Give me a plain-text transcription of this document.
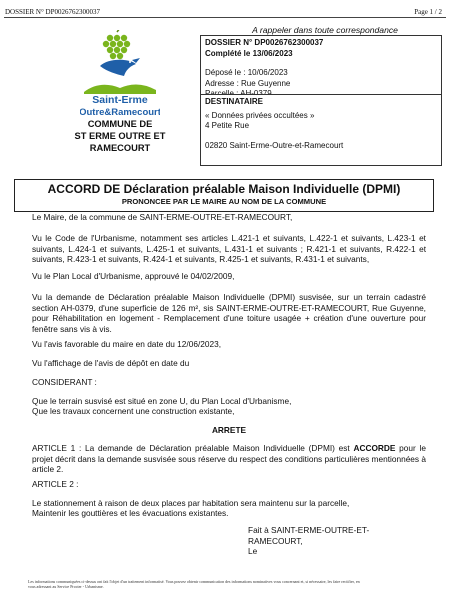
DOSSIER N° DP0026762300037	Page 1 / 2
Saint-Erme
Outre&Ramecourt
COMMUNE DE
ST ERME OUTRE ET
RAMECOURT
A rappeler dans toute correspondance
DOSSIER N° DP0026762300037
Complété le 13/06/2023
Déposé le : 10/06/2023
Adresse : Rue Guyenne
DESTINATAIRE
« Données privées occultées »
4 Petite Rue
02820 Saint-Erme-Outre-et-Ramecourt
ACCORD DE Déclaration préalable Maison Individuelle (DPMI)
PRONONCEE PAR LE MAIRE AU NOM DE LA COMMUNE
Le Maire, de la commune de SAINT-ERME-OUTRE-ET-RAMECOURT,
Vu le Code de l'Urbanisme, notamment ses articles L.421-1 et suivants, L.422-1 et suivants, L.423-1 et suivants, L.424-1 et suivants, L.425-1 et suivants, L.431-1 et suivants ; R.421-1 et suivants, R.422-1 et suivants, R.423-1 et suivants, R.424-1 et suivants, R.425-1 et suivants, R.431-1 et suivants,
Vu le Plan Local d'Urbanisme, approuvé le 04/02/2009,
Vu la demande de Déclaration préalable Maison Individuelle (DPMI) susvisée, sur un terrain cadastré section AH-0379, d'une superficie de 126 m², sis SAINT-ERME-OUTRE-ET-RAMECOURT, Rue Guyenne, pour Réhabilitation en logement - Remplacement d'une toiture usagée + création d'une ouverture pour fenêtre sans vis à vis.
Vu l'avis favorable du maire en date du 12/06/2023,
Vu l'affichage de l'avis de dépôt en date du
CONSIDERANT :
Que le terrain susvisé est situé en zone U, du Plan Local d'Urbanisme,
Que les travaux concernent une construction existante,
ARRETE
ARTICLE 1 : La demande de Déclaration préalable Maison Individuelle (DPMI) est ACCORDE pour le projet décrit dans la demande susvisée sous réserve du respect des conditions particulières mentionnées à article 2.
ARTICLE 2 :
Le stationnement à raison de deux places par habitation sera maintenu sur la parcelle,
Maintenir les gouttières et les évacuations existantes.
Fait à SAINT-ERME-OUTRE-ET-
RAMECOURT,
Le
Les informations communiquées ci-dessus ont fait l'objet d'un traitement informatisé. Vous pouvez obtenir communication des informations nominatives vous concernant et, si nécessaire, les faire rectifier, en
vous adressant au Service Procter - Urbanisme.
